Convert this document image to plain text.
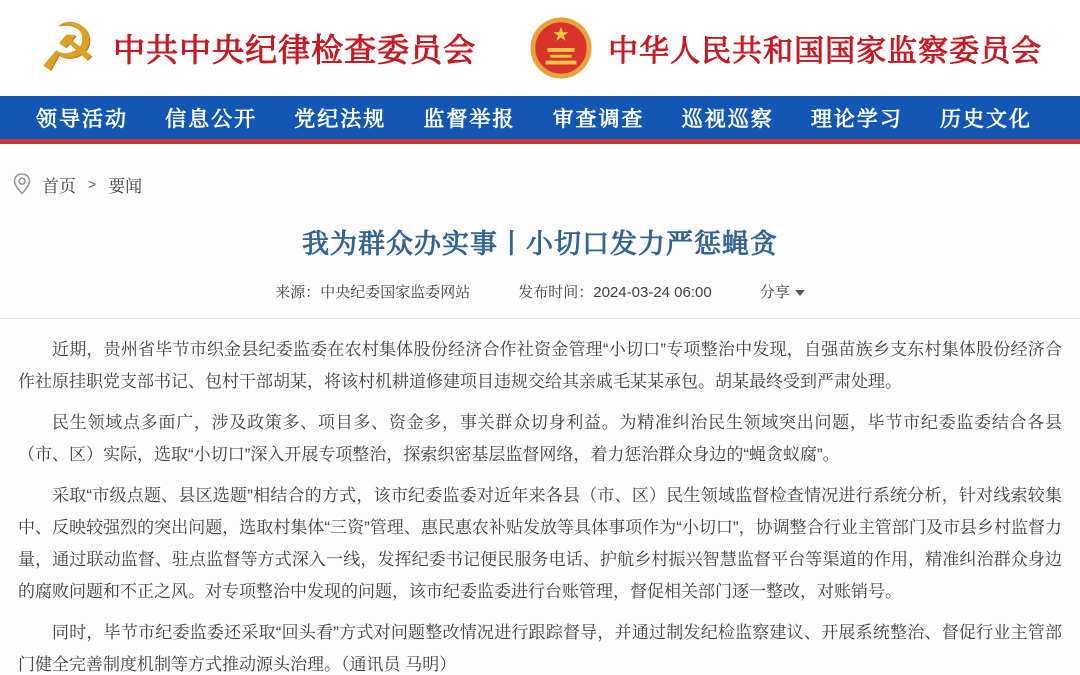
☭ 中共中央纪律检查委员会	中华人民共和国国家监察委员会
领导活动 信息公开 党纪法规 监督举报 审查调查 巡视巡察 理论学习 历史文化
首页 > 要闻
我为群众办实事丨小切口发力严惩蝇贪
来源：中央纪委国家监委网站	发布时间：2024-03-24 06:00	分享

近期，贵州省毕节市织金县纪委监委在农村集体股份经济合作社资金管理“小切口”专项整治中发现，自强苗族乡支东村集体股份经济合作社原挂职党支部书记、包村干部胡某，将该村机耕道修建项目违规交给其亲戚毛某某承包。胡某最终受到严肃处理。

民生领域点多面广，涉及政策多、项目多、资金多，事关群众切身利益。为精准纠治民生领域突出问题，毕节市纪委监委结合各县（市、区）实际，选取“小切口”深入开展专项整治，探索织密基层监督网络，着力惩治群众身边的“蝇贪蚁腐”。

采取“市级点题、县区选题”相结合的方式，该市纪委监委对近年来各县（市、区）民生领域监督检查情况进行系统分析，针对线索较集中、反映较强烈的突出问题，选取村集体“三资”管理、惠民惠农补贴发放等具体事项作为“小切口”，协调整合行业主管部门及市县乡村监督力量，通过联动监督、驻点监督等方式深入一线，发挥纪委书记便民服务电话、护航乡村振兴智慧监督平台等渠道的作用，精准纠治群众身边的腐败问题和不正之风。对专项整治中发现的问题，该市纪委监委进行台账管理，督促相关部门逐一整改，对账销号。

同时，毕节市纪委监委还采取“回头看”方式对问题整改情况进行跟踪督导，并通过制发纪检监察建议、开展系统整治、督促行业主管部门健全完善制度机制等方式推动源头治理。（通讯员 马明）
